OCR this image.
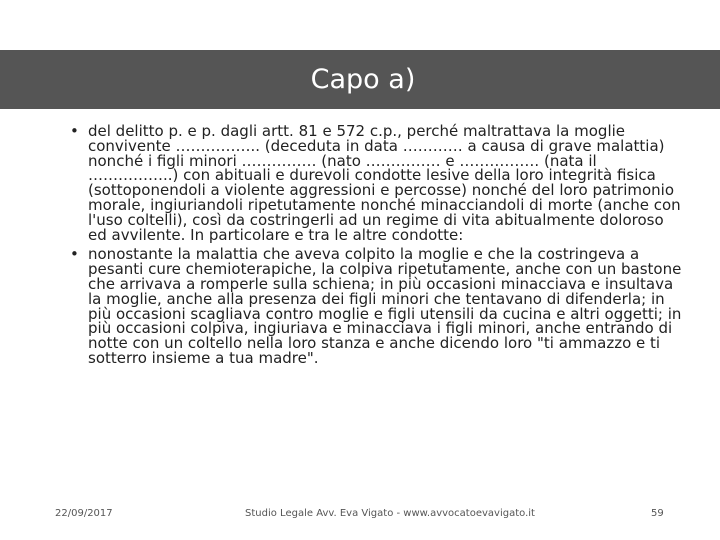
Capo a)
• del delitto p. e p. dagli artt. 81 e 572 c.p., perché maltrattava la moglie convivente …………….. (deceduta in data ………… a causa di grave malattia) nonché i figli minori …………… (nato …………… e ……………. (nata il ……………..) con abituali e durevoli condotte lesive della loro integrità fisica (sottoponendoli a violente aggressioni e percosse) nonché del loro patrimonio morale, ingiuriandoli ripetutamente nonché minacciandoli di morte (anche con l'uso coltelli), così da costringerli ad un regime di vita abitualmente doloroso ed avvilente. In particolare e tra le altre condotte:
• nonostante la malattia che aveva colpito la moglie e che la costringeva a pesanti cure chemioterapiche, la colpiva ripetutamente, anche con un bastone che arrivava a romperle sulla schiena; in più occasioni minacciava e insultava la moglie, anche alla presenza dei figli minori che tentavano di difenderla; in più occasioni scagliava contro moglie e figli utensili da cucina e altri oggetti; in più occasioni colpiva, ingiuriava e minacciava i figli minori, anche entrando di notte con un coltello nella loro stanza e anche dicendo loro "ti ammazzo e ti sotterro insieme a tua madre".
22/09/2017	Studio Legale Avv. Eva Vigato - www.avvocatoevavigato.it	59
